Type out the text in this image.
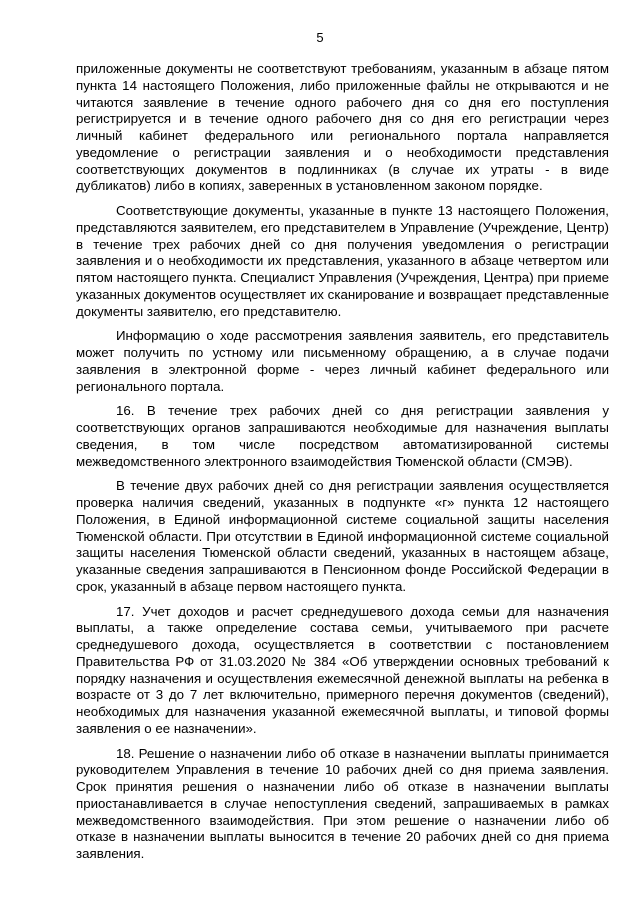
5

приложенные документы не соответствуют требованиям, указанным в абзаце пятом пункта 14 настоящего Положения, либо приложенные файлы не открываются и не читаются заявление в течение одного рабочего дня со дня его поступления регистрируется и в течение одного рабочего дня со дня его регистрации через личный кабинет федерального или регионального портала направляется уведомление о регистрации заявления и о необходимости представления соответствующих документов в подлинниках (в случае их утраты - в виде дубликатов) либо в копиях, заверенных в установленном законом порядке.

Соответствующие документы, указанные в пункте 13 настоящего Положения, представляются заявителем, его представителем в Управление (Учреждение, Центр) в течение трех рабочих дней со дня получения уведомления о регистрации заявления и о необходимости их представления, указанного в абзаце четвертом или пятом настоящего пункта. Специалист Управления (Учреждения, Центра) при приеме указанных документов осуществляет их сканирование и возвращает представленные документы заявителю, его представителю.

Информацию о ходе рассмотрения заявления заявитель, его представитель может получить по устному или письменному обращению, а в случае подачи заявления в электронной форме - через личный кабинет федерального или регионального портала.

16. В течение трех рабочих дней со дня регистрации заявления у соответствующих органов запрашиваются необходимые для назначения выплаты сведения, в том числе посредством автоматизированной системы межведомственного электронного взаимодействия Тюменской области (СМЭВ).

В течение двух рабочих дней со дня регистрации заявления осуществляется проверка наличия сведений, указанных в подпункте «г» пункта 12 настоящего Положения, в Единой информационной системе социальной защиты населения Тюменской области. При отсутствии в Единой информационной системе социальной защиты населения Тюменской области сведений, указанных в настоящем абзаце, указанные сведения запрашиваются в Пенсионном фонде Российской Федерации в срок, указанный в абзаце первом настоящего пункта.

17. Учет доходов и расчет среднедушевого дохода семьи для назначения выплаты, а также определение состава семьи, учитываемого при расчете среднедушевого дохода, осуществляется в соответствии с постановлением Правительства РФ от 31.03.2020 № 384 «Об утверждении основных требований к порядку назначения и осуществления ежемесячной денежной выплаты на ребенка в возрасте от 3 до 7 лет включительно, примерного перечня документов (сведений), необходимых для назначения указанной ежемесячной выплаты, и типовой формы заявления о ее назначении».

18. Решение о назначении либо об отказе в назначении выплаты принимается руководителем Управления в течение 10 рабочих дней со дня приема заявления. Срок принятия решения о назначении либо об отказе в назначении выплаты приостанавливается в случае непоступления сведений, запрашиваемых в рамках межведомственного взаимодействия. При этом решение о назначении либо об отказе в назначении выплаты выносится в течение 20 рабочих дней со дня приема заявления.
